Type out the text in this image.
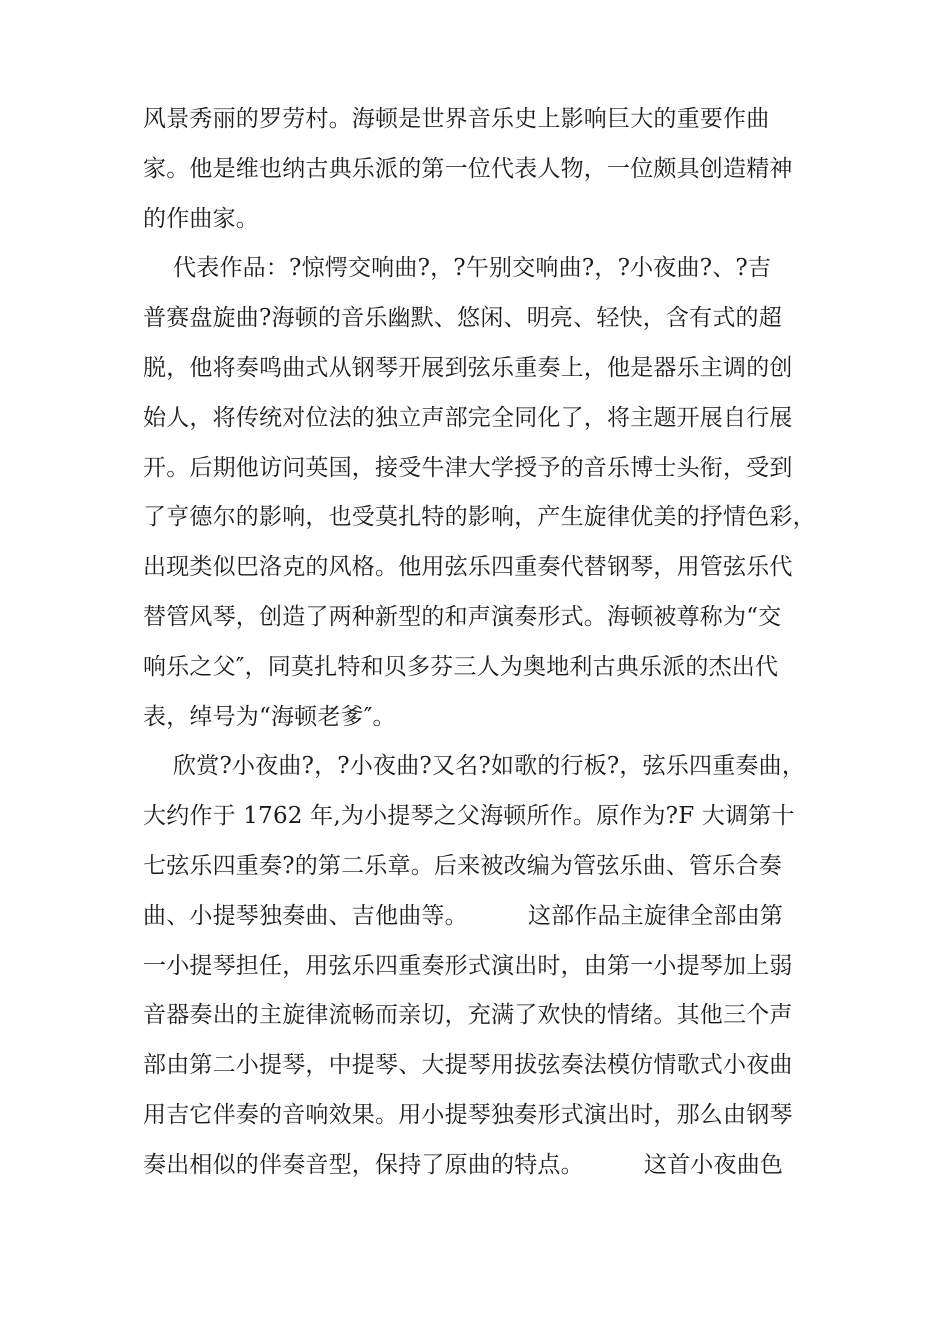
风景秀丽的罗劳村。海顿是世界音乐史上影响巨大的重要作曲
家。他是维也纳古典乐派的第一位代表人物，一位颇具创造精神
的作曲家。
代表作品：?惊愕交响曲?，?午别交响曲?，?小夜曲?、?吉
普赛盘旋曲?海顿的音乐幽默、悠闲、明亮、轻快，含有式的超
脱，他将奏鸣曲式从钢琴开展到弦乐重奏上，他是器乐主调的创
始人，将传统对位法的独立声部完全同化了，将主题开展自行展
开。后期他访问英国，接受牛津大学授予的音乐博士头衔，受到
了亨德尔的影响，也受莫扎特的影响，产生旋律优美的抒情色彩，
出现类似巴洛克的风格。他用弦乐四重奏代替钢琴，用管弦乐代
替管风琴，创造了两种新型的和声演奏形式。海顿被尊称为“交
响乐之父″，同莫扎特和贝多芬三人为奥地利古典乐派的杰出代
表，绰号为“海顿老爹″。
欣赏?小夜曲?，?小夜曲?又名?如歌的行板?，弦乐四重奏曲，
大约作于 1762 年,为小提琴之父海顿所作。原作为?F 大调第十
七弦乐四重奏?的第二乐章。后来被改编为管弦乐曲、管乐合奏
曲、小提琴独奏曲、吉他曲等。        这部作品主旋律全部由第
一小提琴担任，用弦乐四重奏形式演出时，由第一小提琴加上弱
音器奏出的主旋律流畅而亲切，充满了欢快的情绪。其他三个声
部由第二小提琴，中提琴、大提琴用拔弦奏法模仿情歌式小夜曲
用吉它伴奏的音响效果。用小提琴独奏形式演出时，那么由钢琴
奏出相似的伴奏音型，保持了原曲的特点。        这首小夜曲色
